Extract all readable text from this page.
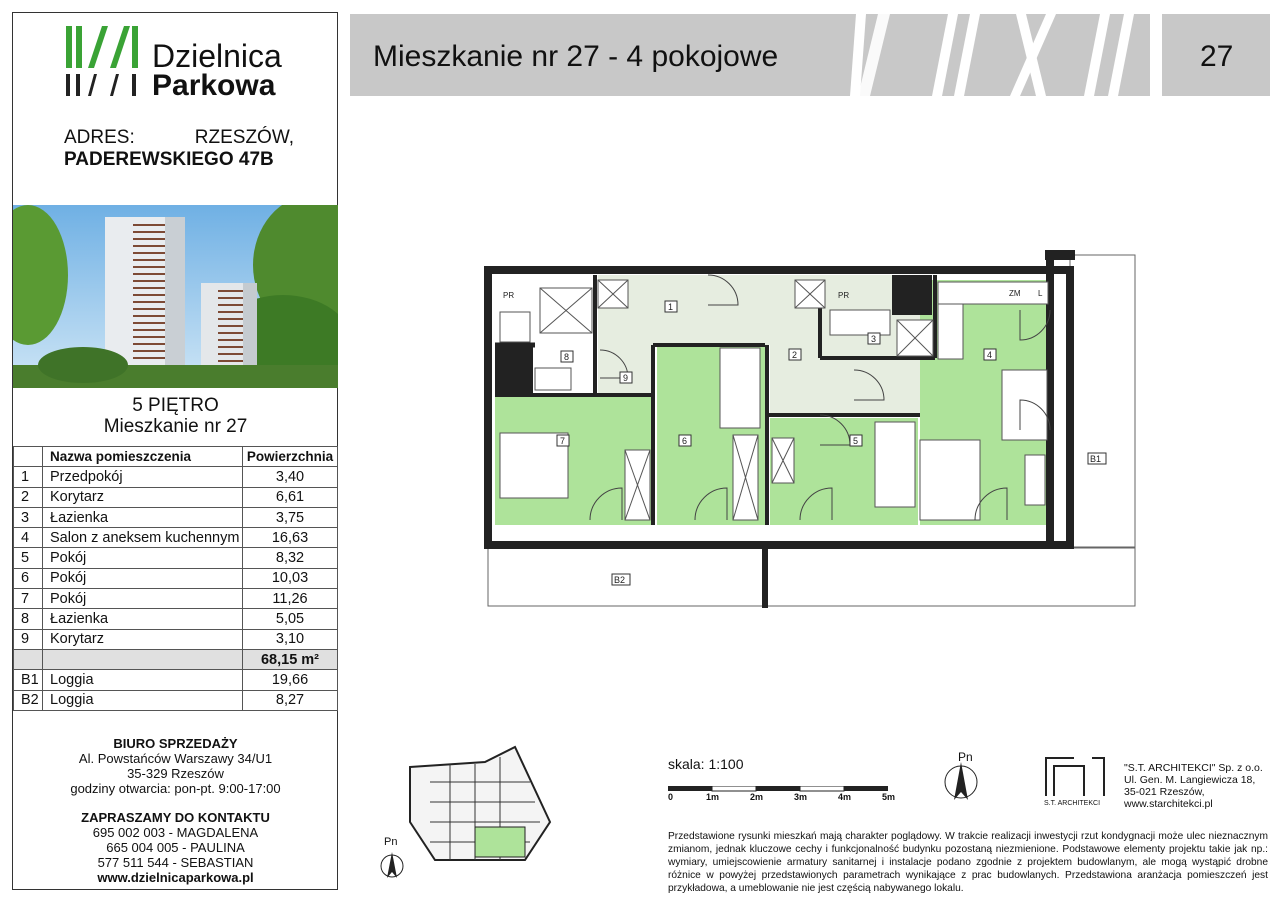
Dzielnica
Parkowa
ADRES:	RZESZÓW,
PADEREWSKIEGO 47B
5 PIĘTRO
Mieszkanie nr 27
	Nazwa pomieszczenia	Powierzchnia
1	Przedpokój	3,40
2	Korytarz	6,61
3	Łazienka	3,75
4	Salon z aneksem kuchennym	16,63
5	Pokój	8,32
6	Pokój	10,03
7	Pokój	11,26
8	Łazienka	5,05
9	Korytarz	3,10
		68,15 m²
B1	Loggia	19,66
B2	Loggia	8,27
BIURO SPRZEDAŻY
Al. Powstańców Warszawy 34/U1
35-329 Rzeszów
godziny otwarcia: pon-pt. 9:00-17:00
ZAPRASZAMY DO KONTAKTU
695 002 003 - MAGDALENA
665 004 005 - PAULINA
577 511 544 - SEBASTIAN
www.dzielnicaparkowa.pl
Mieszkanie nr 27 - 4 pokojowe	27
1
2
3
4
5
6
7
8
9
B1
B2
PR	PR	ZM L
Pn
skala: 1:100
0	1m	2m	3m	4m	5m
Pn
S.T. ARCHITEKCI
"S.T. ARCHITEKCI" Sp. z o.o.
Ul. Gen. M. Langiewicza 18,
35-021 Rzeszów,
www.starchitekci.pl
Przedstawione rysunki mieszkań mają charakter poglądowy. W trakcie realizacji inwestycji rzut kondygnacji może ulec nieznacznym zmianom, jednak kluczowe cechy i funkcjonalność budynku pozostaną niezmienione. Podstawowe elementy projektu takie jak np.: wymiary, umiejscowienie armatury sanitarnej i instalacje podano zgodnie z projektem budowlanym, ale mogą wystąpić drobne różnice w powyżej przedstawionych parametrach wynikające z prac budowlanych. Przedstawiona aranżacja pomieszczeń jest przykładowa, a umeblowanie nie jest częścią nabywanego lokalu.
